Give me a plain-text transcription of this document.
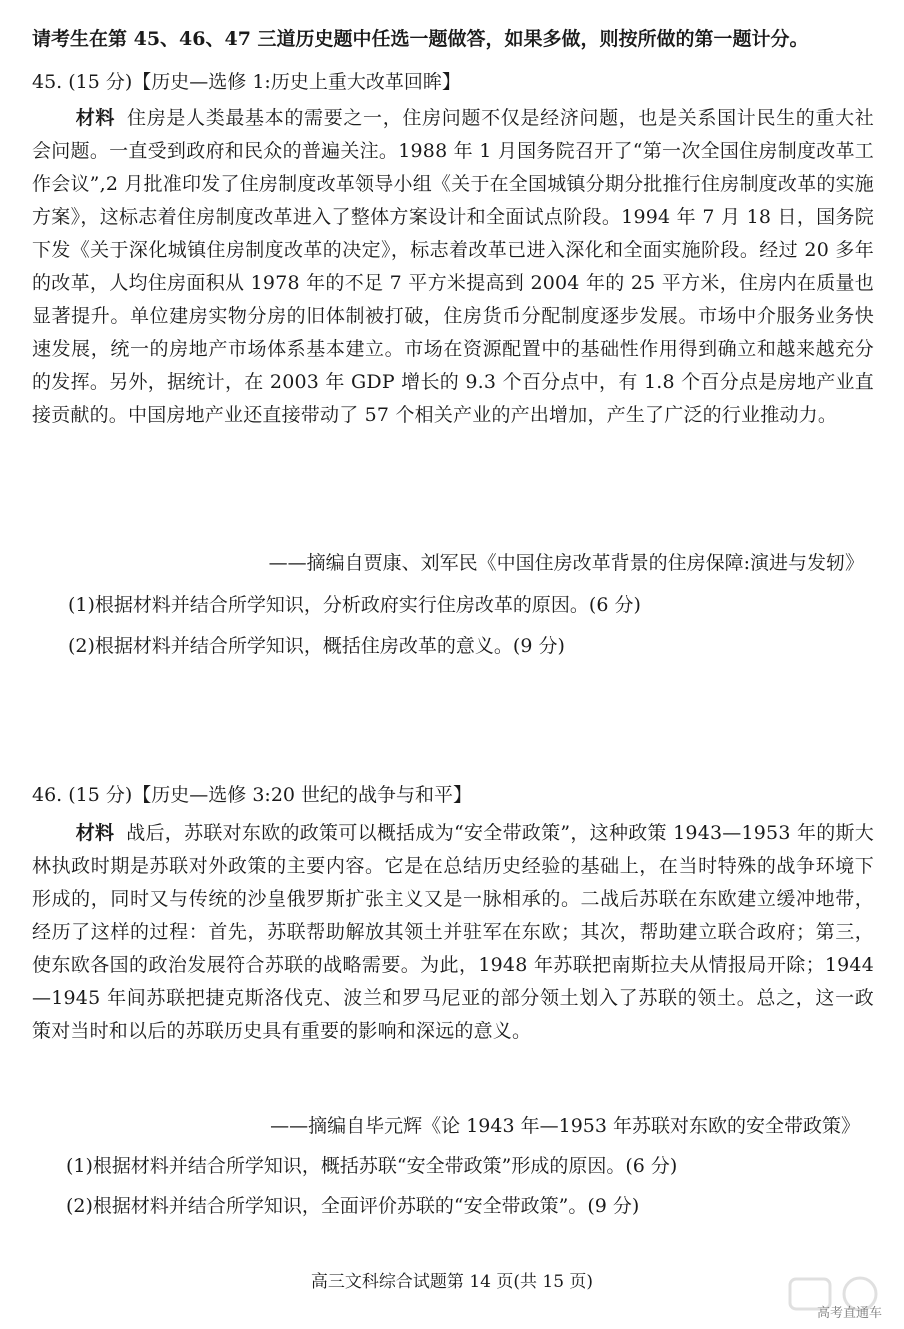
请考生在第 45、46、47 三道历史题中任选一题做答，如果多做，则按所做的第一题计分。
45. (15 分)【历史—选修 1:历史上重大改革回眸】
材料 住房是人类最基本的需要之一，住房问题不仅是经济问题，也是关系国计民生的重大社会问题。一直受到政府和民众的普遍关注。1988 年 1 月国务院召开了“第一次全国住房制度改革工作会议”,2 月批准印发了住房制度改革领导小组《关于在全国城镇分期分批推行住房制度改革的实施方案》，这标志着住房制度改革进入了整体方案设计和全面试点阶段。1994 年 7 月 18 日，国务院下发《关于深化城镇住房制度改革的决定》，标志着改革已进入深化和全面实施阶段。经过 20 多年的改革，人均住房面积从 1978 年的不足 7 平方米提高到 2004 年的 25 平方米，住房内在质量也显著提升。单位建房实物分房的旧体制被打破，住房货币分配制度逐步发展。市场中介服务业务快速发展，统一的房地产市场体系基本建立。市场在资源配置中的基础性作用得到确立和越来越充分的发挥。另外，据统计，在 2003 年 GDP 增长的 9.3 个百分点中，有 1.8 个百分点是房地产业直接贡献的。中国房地产业还直接带动了 57 个相关产业的产出增加，产生了广泛的行业推动力。
——摘编自贾康、刘军民《中国住房改革背景的住房保障:演进与发轫》
(1)根据材料并结合所学知识，分析政府实行住房改革的原因。(6 分)
(2)根据材料并结合所学知识，概括住房改革的意义。(9 分)
46. (15 分)【历史—选修 3:20 世纪的战争与和平】
材料 战后，苏联对东欧的政策可以概括成为“安全带政策”，这种政策 1943—1953 年的斯大林执政时期是苏联对外政策的主要内容。它是在总结历史经验的基础上，在当时特殊的战争环境下形成的，同时又与传统的沙皇俄罗斯扩张主义又是一脉相承的。二战后苏联在东欧建立缓冲地带，经历了这样的过程：首先，苏联帮助解放其领土并驻军在东欧；其次，帮助建立联合政府；第三，使东欧各国的政治发展符合苏联的战略需要。为此，1948 年苏联把南斯拉夫从情报局开除；1944—1945 年间苏联把捷克斯洛伐克、波兰和罗马尼亚的部分领土划入了苏联的领土。总之，这一政策对当时和以后的苏联历史具有重要的影响和深远的意义。
——摘编自毕元辉《论 1943 年—1953 年苏联对东欧的安全带政策》
(1)根据材料并结合所学知识，概括苏联“安全带政策”形成的原因。(6 分)
(2)根据材料并结合所学知识，全面评价苏联的“安全带政策”。(9 分)
高三文科综合试题第 14 页(共 15 页)
高考直通车
